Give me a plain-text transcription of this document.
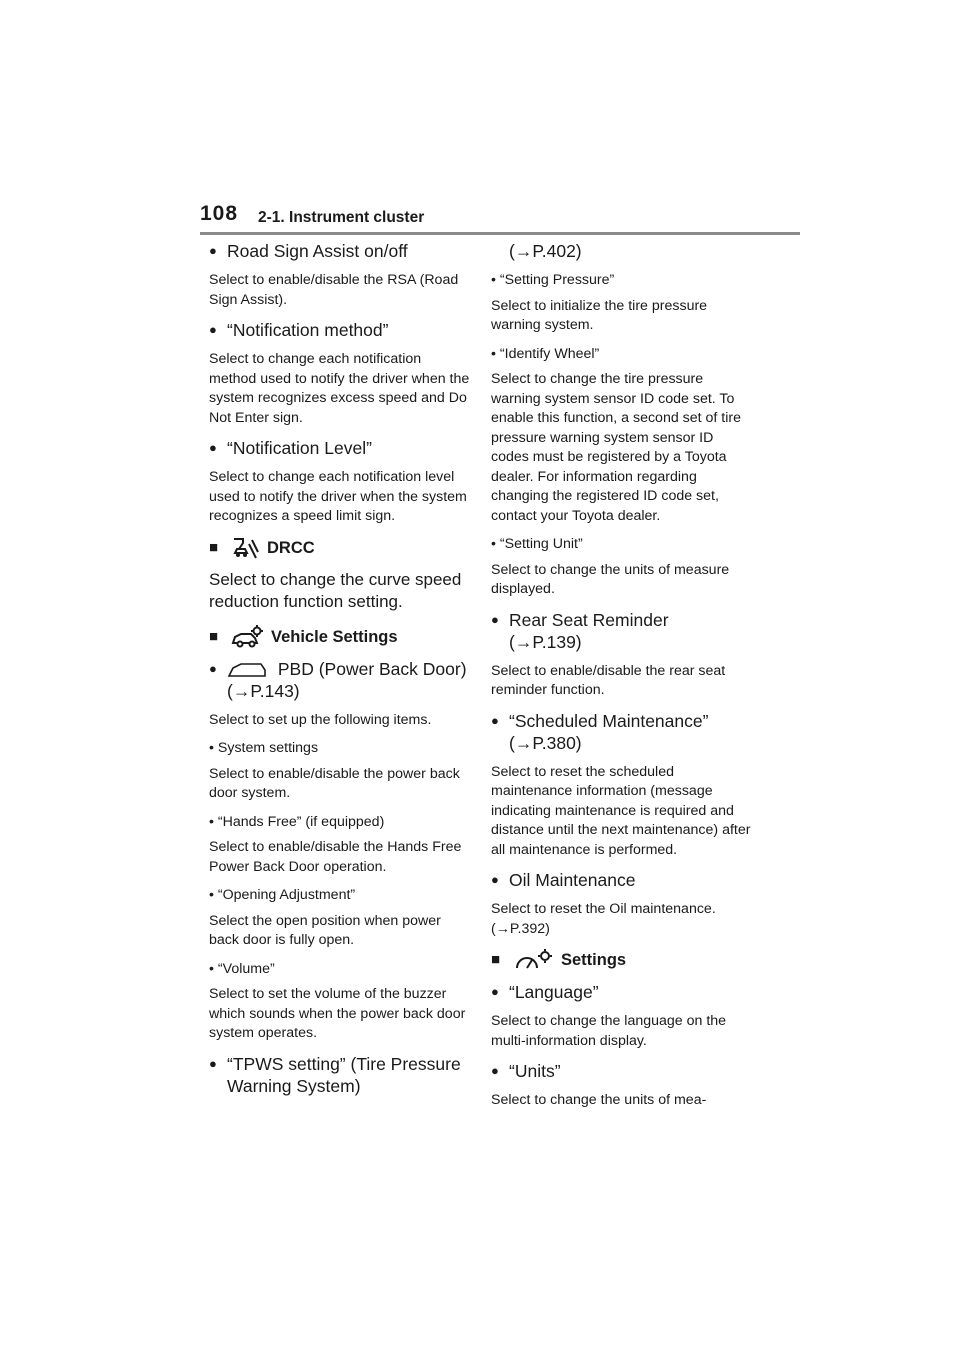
108 2-1. Instrument cluster
● Road Sign Assist on/off
Select to enable/disable the RSA (Road Sign Assist).
● “Notification method”
Select to change each notification method used to notify the driver when the system recognizes excess speed and Do Not Enter sign.
● “Notification Level”
Select to change each notification level used to notify the driver when the system recognizes a speed limit sign.
■	DRCC
Select to change the curve speed reduction function setting.
■	Vehicle Settings
● PBD (Power Back Door)
(→P.143)
Select to set up the following items.
• System settings
Select to enable/disable the power back door system.
• “Hands Free” (if equipped)
Select to enable/disable the Hands Free Power Back Door operation.
• “Opening Adjustment”
Select the open position when power back door is fully open.
• “Volume”
Select to set the volume of the buzzer which sounds when the power back door system operates.
● “TPWS setting” (Tire Pressure Warning System)
(→P.402)
• “Setting Pressure”
Select to initialize the tire pressure warning system.
• “Identify Wheel”
Select to change the tire pressure warning system sensor ID code set. To enable this function, a second set of tire pressure warning system sensor ID codes must be registered by a Toyota dealer. For information regarding changing the registered ID code set, contact your Toyota dealer.
• “Setting Unit”
Select to change the units of measure displayed.
● Rear Seat Reminder
(→P.139)
Select to enable/disable the rear seat reminder function.
● “Scheduled Maintenance”
(→P.380)
Select to reset the scheduled maintenance information (message indicating maintenance is required and distance until the next maintenance) after all maintenance is performed.
● Oil Maintenance
Select to reset the Oil maintenance. (→P.392)
■	Settings
● “Language”
Select to change the language on the multi-information display.
● “Units”
Select to change the units of mea-
